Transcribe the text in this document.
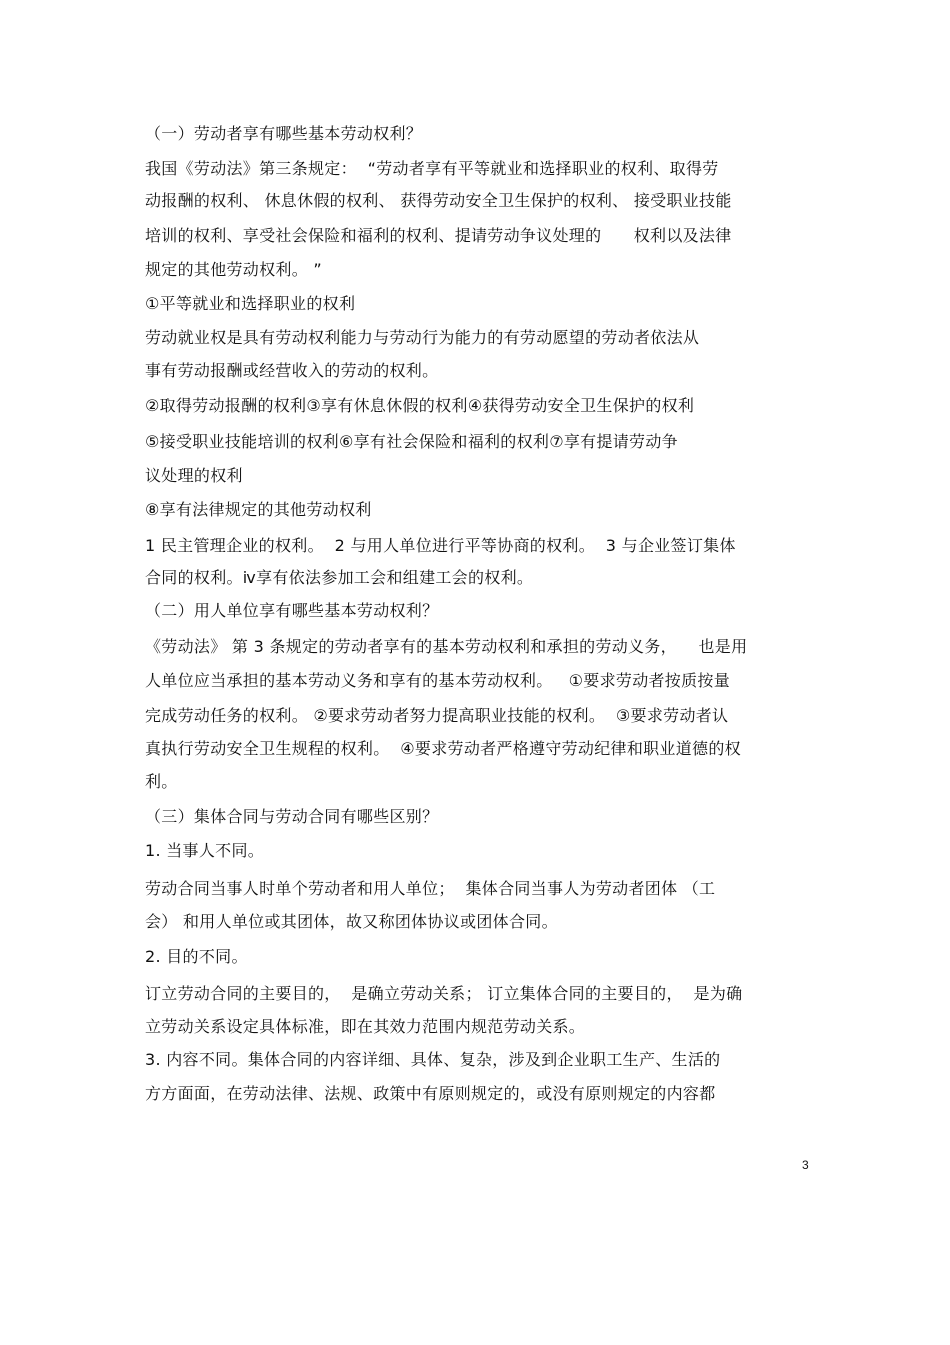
（一）劳动者享有哪些基本劳动权利？

我国《劳动法》第三条规定：  “劳动者享有平等就业和选择职业的权利、取得劳

动报酬的权利、 休息休假的权利、 获得劳动安全卫生保护的权利、 接受职业技能

培训的权利、享受社会保险和福利的权利、提请劳动争议处理的      权利以及法律

规定的其他劳动权利。 ”

①平等就业和选择职业的权利

劳动就业权是具有劳动权利能力与劳动行为能力的有劳动愿望的劳动者依法从

事有劳动报酬或经营收入的劳动的权利。

②取得劳动报酬的权利③享有休息休假的权利④获得劳动安全卫生保护的权利

⑤接受职业技能培训的权利⑥享有社会保险和福利的权利⑦享有提请劳动争

议处理的权利

⑧享有法律规定的其他劳动权利

1 民主管理企业的权利。  2 与用人单位进行平等协商的权利。  3 与企业签订集体

合同的权利。ⅳ享有依法参加工会和组建工会的权利。

（二）用人单位享有哪些基本劳动权利？

《劳动法》 第 3 条规定的劳动者享有的基本劳动权利和承担的劳动义务，    也是用

人单位应当承担的基本劳动义务和享有的基本劳动权利。   ①要求劳动者按质按量

完成劳动任务的权利。 ②要求劳动者努力提高职业技能的权利。  ③要求劳动者认

真执行劳动安全卫生规程的权利。  ④要求劳动者严格遵守劳动纪律和职业道德的权

利。

（三）集体合同与劳动合同有哪些区别？

1. 当事人不同。

劳动合同当事人时单个劳动者和用人单位；  集体合同当事人为劳动者团体 （工

会） 和用人单位或其团体，故又称团体协议或团体合同。

2. 目的不同。

订立劳动合同的主要目的，  是确立劳动关系； 订立集体合同的主要目的，  是为确

立劳动关系设定具体标准，即在其效力范围内规范劳动关系。

3. 内容不同。集体合同的内容详细、具体、复杂，涉及到企业职工生产、生活的

方方面面，在劳动法律、法规、政策中有原则规定的，或没有原则规定的内容都

3
